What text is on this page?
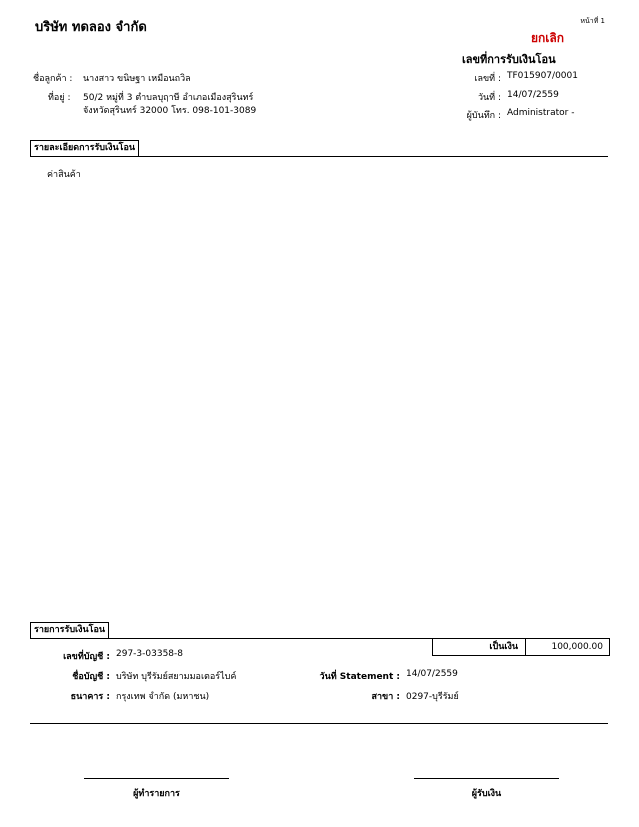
บริษัท ทดลอง จำกัด	หน้าที่ 1
ยกเลิก
เลขที่การรับเงินโอน
ชื่อลูกค้า : นางสาว ขนิษฐา เหมือนถวิล
ที่อยู่ : 50/2 หมู่ที่ 3 ตำบลบุฤาษี อำเภอเมืองสุรินทร์
จังหวัดสุรินทร์ 32000 โทร. 098-101-3089
เลขที่ : TF015907/0001
วันที่ : 14/07/2559
ผู้บันทึก : Administrator -
รายละเอียดการรับเงินโอน
ค่าสินค้า
รายการรับเงินโอน
เป็นเงิน	100,000.00
เลขที่บัญชี : 297-3-03358-8
ชื่อบัญชี : บริษัท บุรีรัมย์สยามมอเตอร์ไบค์
ธนาคาร : กรุงเทพ จำกัด (มหาชน)
วันที่ Statement : 14/07/2559
สาขา : 0297-บุรีรัมย์
ผู้ทำรายการ	ผู้รับเงิน
